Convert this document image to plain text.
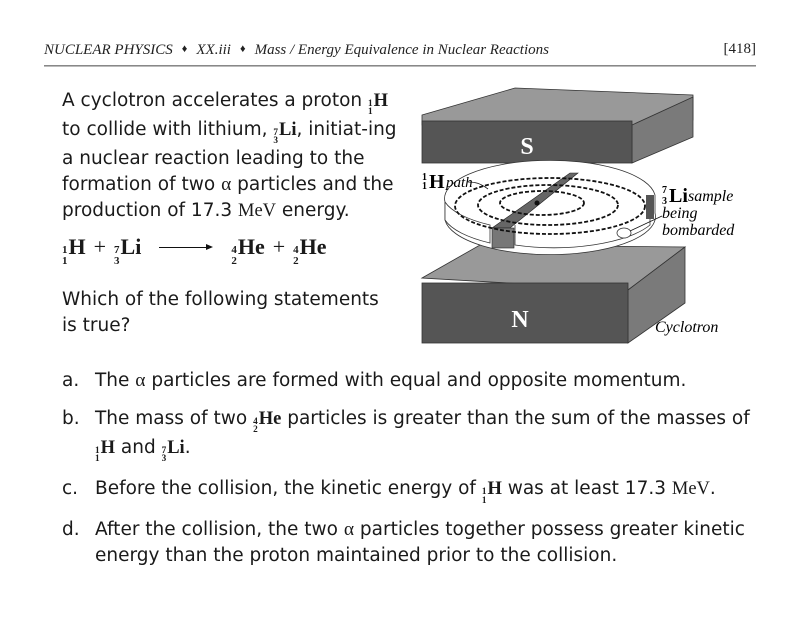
NUCLEAR PHYSICS ♦ XX.iii ♦ Mass / Energy Equivalence in Nuclear Reactions	[418]
A cyclotron accelerates a proton 1
1
H to collide with lithium, 7
3
Li, initiat-ing a nuclear reaction leading to the formation of two α particles and the production of 17.3 MeV energy.
1
1
H + 7
3
Li → 4
2
He + 4
2
He
Which of the following statements is true?
S
N
1
1 H path	7
3 Li sample
being
bombarded
Cyclotron
a. The α particles are formed with equal and opposite momentum.
b. The mass of two 4
2
He particles is greater than the sum of the masses of
1
1
H and 7
3
Li.
c. Before the collision, the kinetic energy of 1
1
H was at least 17.3 MeV.
d. After the collision, the two α particles together possess greater kinetic energy than the proton maintained prior to the collision.
